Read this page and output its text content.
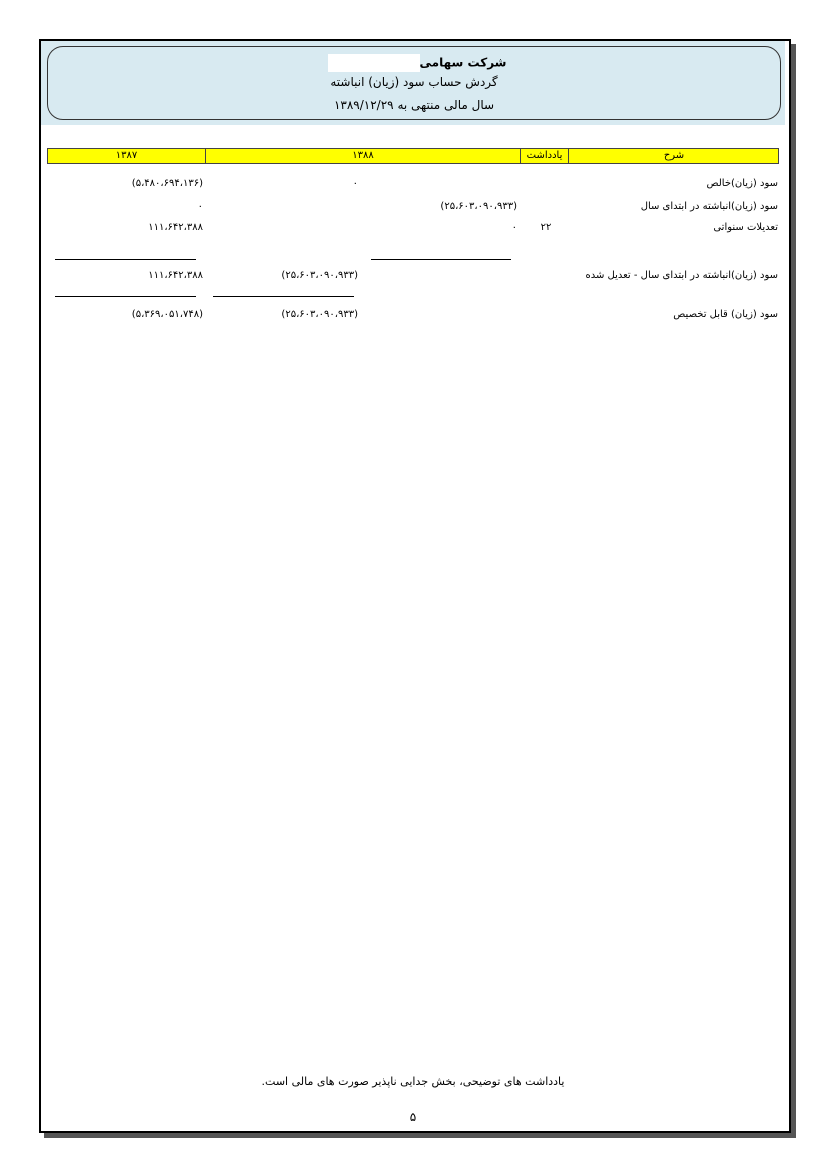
شرکت سهامی
گردش حساب سود (زیان) انباشته
سال مالی منتهی به ۱۳۸۹/۱۲/۲۹
شرح
یادداشت
۱۳۸۸
۱۳۸۷
سود (زیان)خالص
۰
(۵،۴۸۰،۶۹۴،۱۳۶)
سود (زیان)انباشته در ابتدای سال
(۲۵،۶۰۳،۰۹۰،۹۳۳)
۰
تعدیلات سنواتی
۲۲
۰
۱۱۱،۶۴۲،۳۸۸
سود (زیان)انباشته در ابتدای سال - تعدیل شده
(۲۵،۶۰۳،۰۹۰،۹۳۳)
۱۱۱،۶۴۲،۳۸۸
سود (زیان) قابل تخصیص
(۲۵،۶۰۳،۰۹۰،۹۳۳)
(۵،۳۶۹،۰۵۱،۷۴۸)
یادداشت های توضیحی، بخش جدایی ناپذیر صورت های مالی است.
۵
